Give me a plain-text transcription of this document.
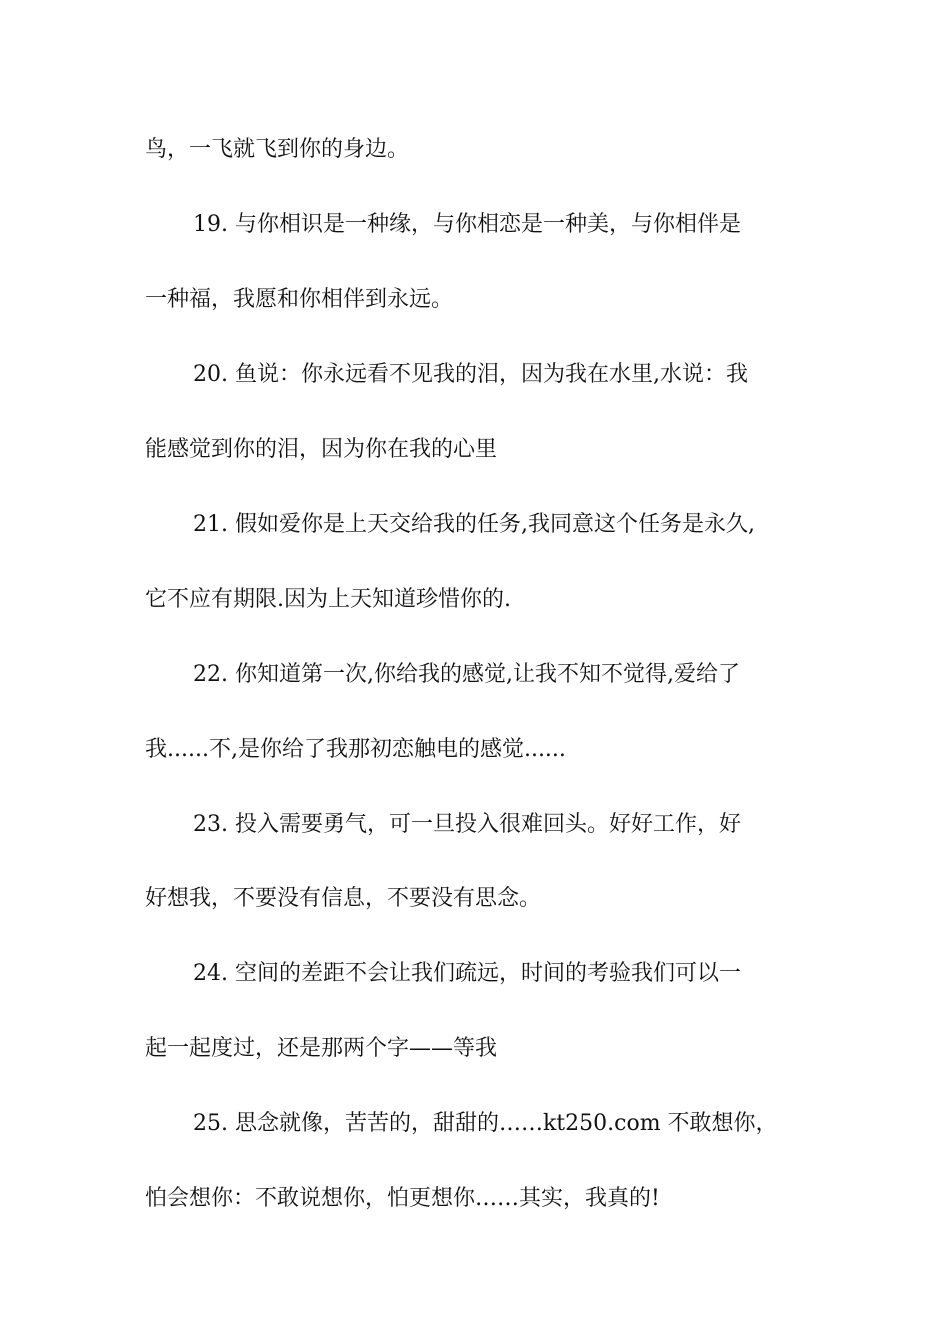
鸟，一飞就飞到你的身边。
19. 与你相识是一种缘，与你相恋是一种美，与你相伴是
一种福，我愿和你相伴到永远。
20. 鱼说：你永远看不见我的泪，因为我在水里,水说：我
能感觉到你的泪，因为你在我的心里
21. 假如爱你是上天交给我的任务,我同意这个任务是永久,
它不应有期限.因为上天知道珍惜你的.
22. 你知道第一次,你给我的感觉,让我不知不觉得,爱给了
我......不,是你给了我那初恋触电的感觉......
23. 投入需要勇气，可一旦投入很难回头。好好工作，好
好想我，不要没有信息，不要没有思念。
24. 空间的差距不会让我们疏远，时间的考验我们可以一
起一起度过，还是那两个字——等我
25. 思念就像，苦苦的，甜甜的……kt250.com 不敢想你，
怕会想你：不敢说想你，怕更想你……其实，我真的!
